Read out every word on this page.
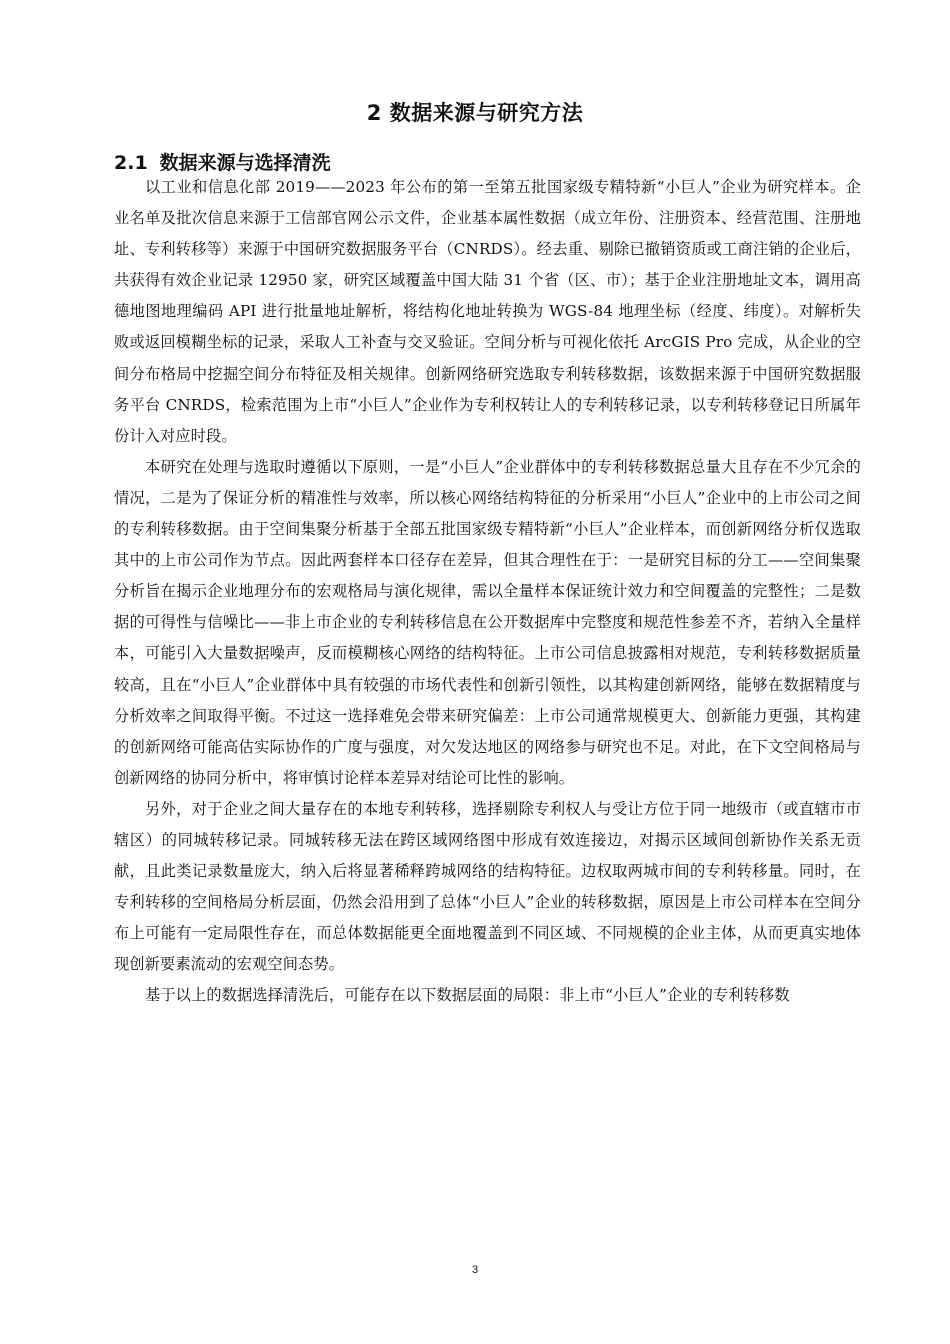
2 数据来源与研究方法
2.1 数据来源与选择清洗

以工业和信息化部 2019——2023 年公布的第一至第五批国家级专精特新“小巨人”企业为研究样本。企业名单及批次信息来源于工信部官网公示文件，企业基本属性数据（成立年份、注册资本、经营范围、注册地址、专利转移等）来源于中国研究数据服务平台（CNRDS）。经去重、剔除已撤销资质或工商注销的企业后，共获得有效企业记录 12950 家，研究区域覆盖中国大陆 31 个省（区、市）；基于企业注册地址文本，调用高德地图地理编码 API 进行批量地址解析，将结构化地址转换为 WGS-84 地理坐标（经度、纬度）。对解析失败或返回模糊坐标的记录，采取人工补查与交叉验证。空间分析与可视化依托 ArcGIS Pro 完成，从企业的空间分布格局中挖掘空间分布特征及相关规律。创新网络研究选取专利转移数据，该数据来源于中国研究数据服务平台 CNRDS，检索范围为上市“小巨人”企业作为专利权转让人的专利转移记录，以专利转移登记日所属年份计入对应时段。

本研究在处理与选取时遵循以下原则，一是“小巨人”企业群体中的专利转移数据总量大且存在不少冗余的情况，二是为了保证分析的精准性与效率，所以核心网络结构特征的分析采用“小巨人”企业中的上市公司之间的专利转移数据。由于空间集聚分析基于全部五批国家级专精特新“小巨人”企业样本，而创新网络分析仅选取其中的上市公司作为节点。因此两套样本口径存在差异，但其合理性在于：一是研究目标的分工——空间集聚分析旨在揭示企业地理分布的宏观格局与演化规律，需以全量样本保证统计效力和空间覆盖的完整性；二是数据的可得性与信噪比——非上市企业的专利转移信息在公开数据库中完整度和规范性参差不齐，若纳入全量样本，可能引入大量数据噪声，反而模糊核心网络的结构特征。上市公司信息披露相对规范，专利转移数据质量较高，且在“小巨人”企业群体中具有较强的市场代表性和创新引领性，以其构建创新网络，能够在数据精度与分析效率之间取得平衡。不过这一选择难免会带来研究偏差：上市公司通常规模更大、创新能力更强，其构建的创新网络可能高估实际协作的广度与强度，对欠发达地区的网络参与研究也不足。对此，在下文空间格局与创新网络的协同分析中，将审慎讨论样本差异对结论可比性的影响。

另外，对于企业之间大量存在的本地专利转移，选择剔除专利权人与受让方位于同一地级市（或直辖市市辖区）的同城转移记录。同城转移无法在跨区域网络图中形成有效连接边，对揭示区域间创新协作关系无贡献，且此类记录数量庞大，纳入后将显著稀释跨城网络的结构特征。边权取两城市间的专利转移量。同时，在专利转移的空间格局分析层面，仍然会沿用到了总体“小巨人”企业的转移数据，原因是上市公司样本在空间分布上可能有一定局限性存在，而总体数据能更全面地覆盖到不同区域、不同规模的企业主体，从而更真实地体现创新要素流动的宏观空间态势。

基于以上的数据选择清洗后，可能存在以下数据层面的局限：非上市“小巨人”企业的专利转移数

3
